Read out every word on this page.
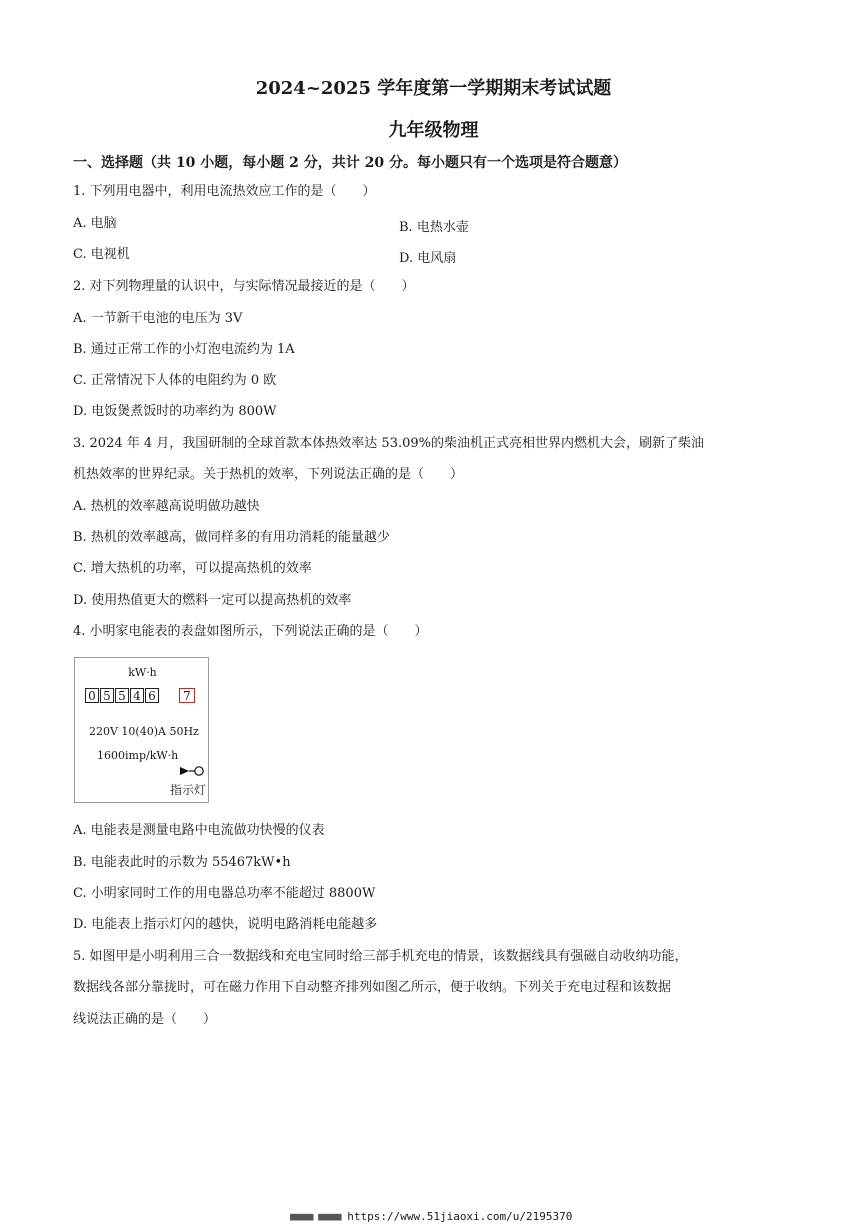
2024~2025 学年度第一学期期末考试试题
九年级物理
一、选择题（共 10 小题，每小题 2 分，共计 20 分。每小题只有一个选项是符合题意）
1. 下列用电器中，利用电流热效应工作的是（　　）
A. 电脑	B. 电热水壶
C. 电视机	D. 电风扇
2. 对下列物理量的认识中，与实际情况最接近的是（　　）
A. 一节新干电池的电压为 3V
B. 通过正常工作的小灯泡电流约为 1A
C. 正常情况下人体的电阻约为 0 欧
D. 电饭煲煮饭时的功率约为 800W
3. 2024 年 4 月，我国研制的全球首款本体热效率达 53.09%的柴油机正式亮相世界内燃机大会，刷新了柴油
机热效率的世界纪录。关于热机的效率，下列说法正确的是（　　）
A. 热机的效率越高说明做功越快
B. 热机的效率越高，做同样多的有用功消耗的能量越少
C. 增大热机的功率，可以提高热机的效率
D. 使用热值更大的燃料一定可以提高热机的效率
4. 小明家电能表的表盘如图所示，下列说法正确的是（　　）
kW·h
0 5 5 4 6	7
220V 10(40)A 50Hz
1600imp/kW·h
指示灯
A. 电能表是测量电路中电流做功快慢的仪表
B. 电能表此时的示数为 55467kW•h
C. 小明家同时工作的用电器总功率不能超过 8800W
D. 电能表上指示灯闪的越快，说明电路消耗电能越多
5. 如图甲是小明利用三合一数据线和充电宝同时给三部手机充电的情景，该数据线具有强磁自动收纳功能，
数据线各部分靠拢时，可在磁力作用下自动整齐排列如图乙所示，便于收纳。下列关于充电过程和该数据
线说法正确的是（　　）
■■■■ ■■■■ https://www.51jiaoxi.com/u/2195370
